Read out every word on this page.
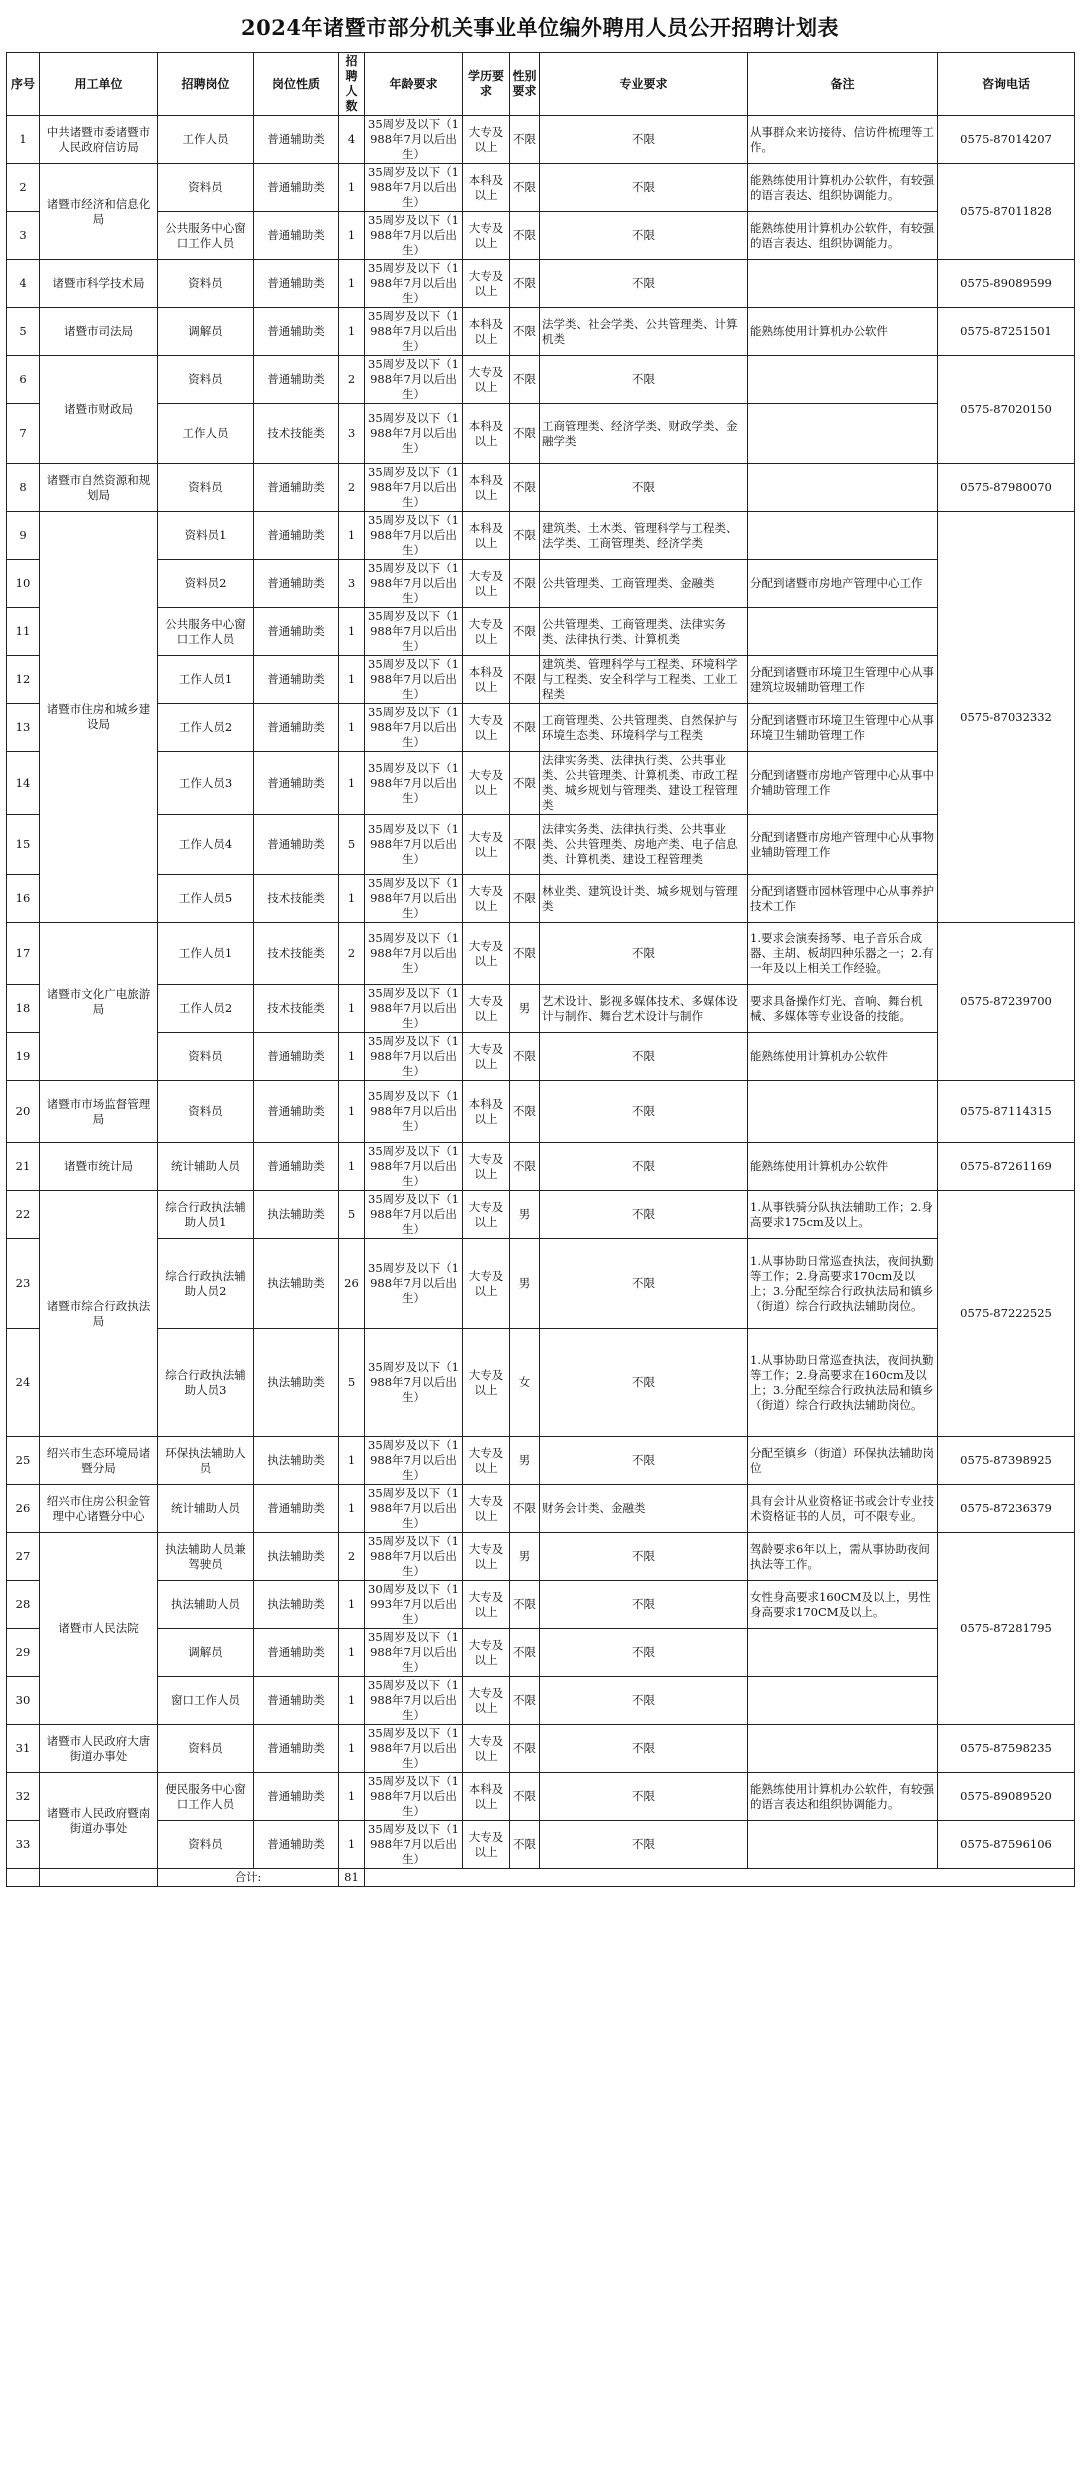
2024年诸暨市部分机关事业单位编外聘用人员公开招聘计划表
序号	用工单位	招聘岗位	岗位性质	招聘人数	年龄要求	学历要求	性别要求	专业要求	备注	咨询电话
1	中共诸暨市委诸暨市人民政府信访局	工作人员	普通辅助类	4	35周岁及以下（1988年7月以后出生）	大专及以上	不限	不限	从事群众来访接待、信访件梳理等工作。	0575-87014207
2	诸暨市经济和信息化局	资料员	普通辅助类	1	35周岁及以下（1988年7月以后出生）	本科及以上	不限	不限	能熟练使用计算机办公软件，有较强的语言表达、组织协调能力。	0575-87011828
3		公共服务中心窗口工作人员	普通辅助类	1	35周岁及以下（1988年7月以后出生）	大专及以上	不限	不限	能熟练使用计算机办公软件，有较强的语言表达、组织协调能力。	
4	诸暨市科学技术局	资料员	普通辅助类	1	35周岁及以下（1988年7月以后出生）	大专及以上	不限	不限		0575-89089599
5	诸暨市司法局	调解员	普通辅助类	1	35周岁及以下（1988年7月以后出生）	本科及以上	不限	法学类、社会学类、公共管理类、计算机类	能熟练使用计算机办公软件	0575-87251501
6	诸暨市财政局	资料员	普通辅助类	2	35周岁及以下（1988年7月以后出生）	大专及以上	不限	不限		0575-87020150
7		工作人员	技术技能类	3	35周岁及以下（1988年7月以后出生）	本科及以上	不限	工商管理类、经济学类、财政学类、金融学类		
8	诸暨市自然资源和规划局	资料员	普通辅助类	2	35周岁及以下（1988年7月以后出生）	本科及以上	不限	不限		0575-87980070
9	诸暨市住房和城乡建设局	资料员1	普通辅助类	1	35周岁及以下（1988年7月以后出生）	本科及以上	不限	建筑类、土木类、管理科学与工程类、法学类、工商管理类、经济学类		0575-87032332
10		资料员2	普通辅助类	3	35周岁及以下（1988年7月以后出生）	大专及以上	不限	公共管理类、工商管理类、金融类	分配到诸暨市房地产管理中心工作	
11		公共服务中心窗口工作人员	普通辅助类	1	35周岁及以下（1988年7月以后出生）	大专及以上	不限	公共管理类、工商管理类、法律实务类、法律执行类、计算机类		
12		工作人员1	普通辅助类	1	35周岁及以下（1988年7月以后出生）	本科及以上	不限	建筑类、管理科学与工程类、环境科学与工程类、安全科学与工程类、工业工程类	分配到诸暨市环境卫生管理中心从事建筑垃圾辅助管理工作	
13		工作人员2	普通辅助类	1	35周岁及以下（1988年7月以后出生）	大专及以上	不限	工商管理类、公共管理类、自然保护与环境生态类、环境科学与工程类	分配到诸暨市环境卫生管理中心从事环境卫生辅助管理工作	
14		工作人员3	普通辅助类	1	35周岁及以下（1988年7月以后出生）	大专及以上	不限	法律实务类、法律执行类、公共事业类、公共管理类、计算机类、市政工程类、城乡规划与管理类、建设工程管理类	分配到诸暨市房地产管理中心从事中介辅助管理工作	
15		工作人员4	普通辅助类	5	35周岁及以下（1988年7月以后出生）	大专及以上	不限	法律实务类、法律执行类、公共事业类、公共管理类、房地产类、电子信息类、计算机类、建设工程管理类	分配到诸暨市房地产管理中心从事物业辅助管理工作	
16		工作人员5	技术技能类	1	35周岁及以下（1988年7月以后出生）	大专及以上	不限	林业类、建筑设计类、城乡规划与管理类	分配到诸暨市园林管理中心从事养护技术工作	
17	诸暨市文化广电旅游局	工作人员1	技术技能类	2	35周岁及以下（1988年7月以后出生）	大专及以上	不限	不限	1.要求会演奏扬琴、电子音乐合成器、主胡、板胡四种乐器之一；2.有一年及以上相关工作经验。	0575-87239700
18		工作人员2	技术技能类	1	35周岁及以下（1988年7月以后出生）	大专及以上	男	艺术设计、影视多媒体技术、多媒体设计与制作、舞台艺术设计与制作	要求具备操作灯光、音响、舞台机械、多媒体等专业设备的技能。	
19		资料员	普通辅助类	1	35周岁及以下（1988年7月以后出生）	大专及以上	不限	不限	能熟练使用计算机办公软件	
20	诸暨市市场监督管理局	资料员	普通辅助类	1	35周岁及以下（1988年7月以后出生）	本科及以上	不限	不限		0575-87114315
21	诸暨市统计局	统计辅助人员	普通辅助类	1	35周岁及以下（1988年7月以后出生）	大专及以上	不限	不限	能熟练使用计算机办公软件	0575-87261169
22	诸暨市综合行政执法局	综合行政执法辅助人员1	执法辅助类	5	35周岁及以下（1988年7月以后出生）	大专及以上	男	不限	1.从事铁骑分队执法辅助工作；2.身高要求175cm及以上。	0575-87222525
23		综合行政执法辅助人员2	执法辅助类	26	35周岁及以下（1988年7月以后出生）	大专及以上	男	不限	1.从事协助日常巡查执法，夜间执勤等工作；2.身高要求170cm及以上；3.分配至综合行政执法局和镇乡（街道）综合行政执法辅助岗位。	
24		综合行政执法辅助人员3	执法辅助类	5	35周岁及以下（1988年7月以后出生）	大专及以上	女	不限	1.从事协助日常巡查执法，夜间执勤等工作；2.身高要求在160cm及以上；3.分配至综合行政执法局和镇乡（街道）综合行政执法辅助岗位。	
25	绍兴市生态环境局诸暨分局	环保执法辅助人员	执法辅助类	1	35周岁及以下（1988年7月以后出生）	大专及以上	男	不限	分配至镇乡（街道）环保执法辅助岗位	0575-87398925
26	绍兴市住房公积金管理中心诸暨分中心	统计辅助人员	普通辅助类	1	35周岁及以下（1988年7月以后出生）	大专及以上	不限	财务会计类、金融类	具有会计从业资格证书或会计专业技术资格证书的人员，可不限专业。	0575-87236379
27	诸暨市人民法院	执法辅助人员兼驾驶员	执法辅助类	2	35周岁及以下（1988年7月以后出生）	大专及以上	男	不限	驾龄要求6年以上，需从事协助夜间执法等工作。	0575-87281795
28		执法辅助人员	执法辅助类	1	30周岁及以下（1993年7月以后出生）	大专及以上	不限	不限	女性身高要求160CM及以上，男性身高要求170CM及以上。	
29		调解员	普通辅助类	1	35周岁及以下（1988年7月以后出生）	大专及以上	不限	不限		
30		窗口工作人员	普通辅助类	1	35周岁及以下（1988年7月以后出生）	大专及以上	不限	不限		
31	诸暨市人民政府大唐街道办事处	资料员	普通辅助类	1	35周岁及以下（1988年7月以后出生）	大专及以上	不限	不限		0575-87598235
32	诸暨市人民政府暨南街道办事处	便民服务中心窗口工作人员	普通辅助类	1	35周岁及以下（1988年7月以后出生）	本科及以上	不限	不限	能熟练使用计算机办公软件，有较强的语言表达和组织协调能力。	0575-89089520
33		资料员	普通辅助类	1	35周岁及以下（1988年7月以后出生）	大专及以上	不限	不限		0575-87596106
		合计:		81						
